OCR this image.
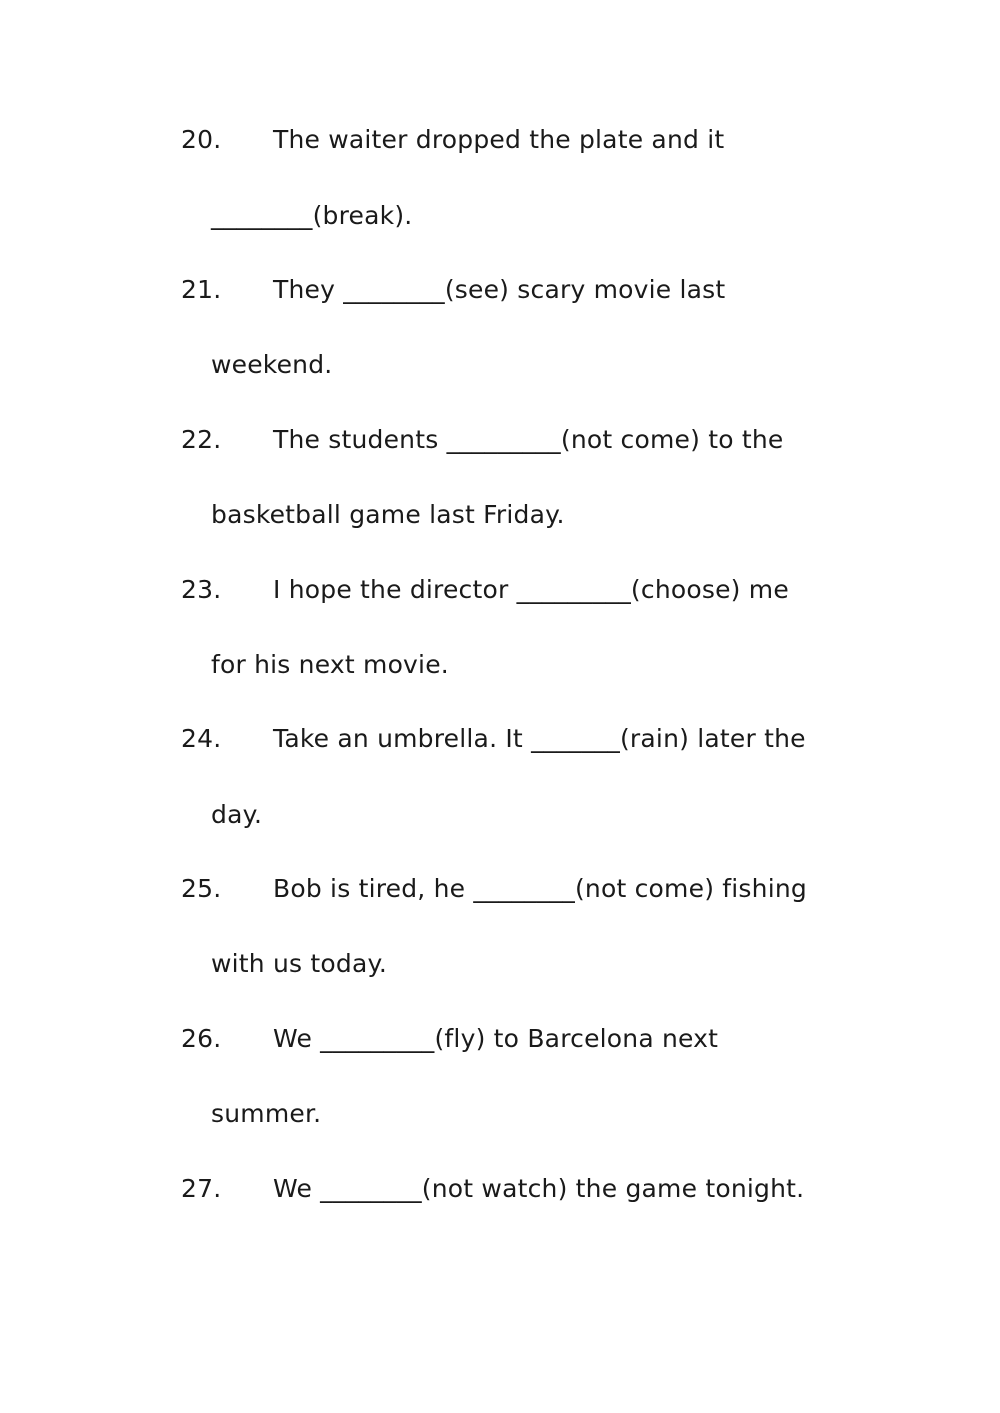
20. The waiter dropped the plate and it
________(break).
21. They ________(see) scary movie last
weekend.
22. The students _________(not come) to the
basketball game last Friday.
23. I hope the director _________(choose) me
for his next movie.
24. Take an umbrella. It _______(rain) later the
day.
25. Bob is tired, he ________(not come) fishing
with us today.
26. We _________(fly) to Barcelona next
summer.
27. We ________(not watch) the game tonight.
